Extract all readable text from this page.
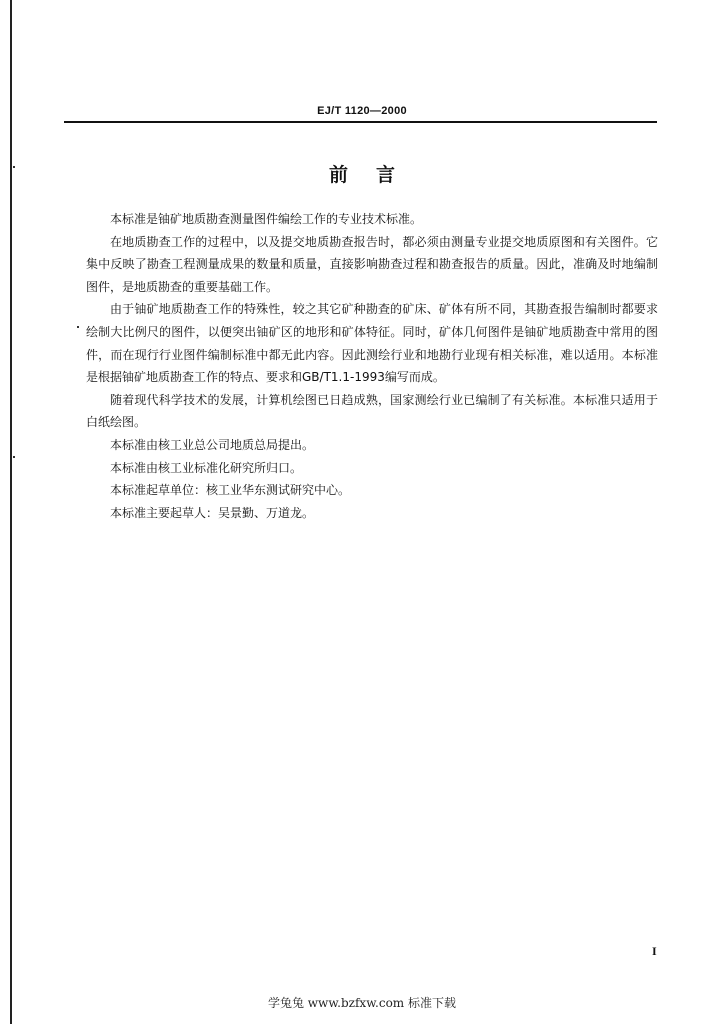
EJ/T 1120—2000
前 言

本标准是铀矿地质勘查测量图件编绘工作的专业技术标准。

在地质勘查工作的过程中，以及提交地质勘查报告时，都必须由测量专业提交地质原图和有关图件。它集中反映了勘查工程测量成果的数量和质量，直接影响勘查过程和勘查报告的质量。因此，准确及时地编制图件，是地质勘查的重要基础工作。

由于铀矿地质勘查工作的特殊性，较之其它矿种勘查的矿床、矿体有所不同，其勘查报告编制时都要求绘制大比例尺的图件，以便突出铀矿区的地形和矿体特征。同时，矿体几何图件是铀矿地质勘查中常用的图件，而在现行行业图件编制标准中都无此内容。因此测绘行业和地勘行业现有相关标准，难以适用。本标准是根据铀矿地质勘查工作的特点、要求和GB/T1.1-1993编写而成。

随着现代科学技术的发展，计算机绘图已日趋成熟，国家测绘行业已编制了有关标准。本标准只适用于白纸绘图。

本标准由核工业总公司地质总局提出。

本标准由核工业标准化研究所归口。

本标准起草单位：核工业华东测试研究中心。

本标准主要起草人：吴景勤、万道龙。

I
学兔兔 www.bzfxw.com 标准下载
